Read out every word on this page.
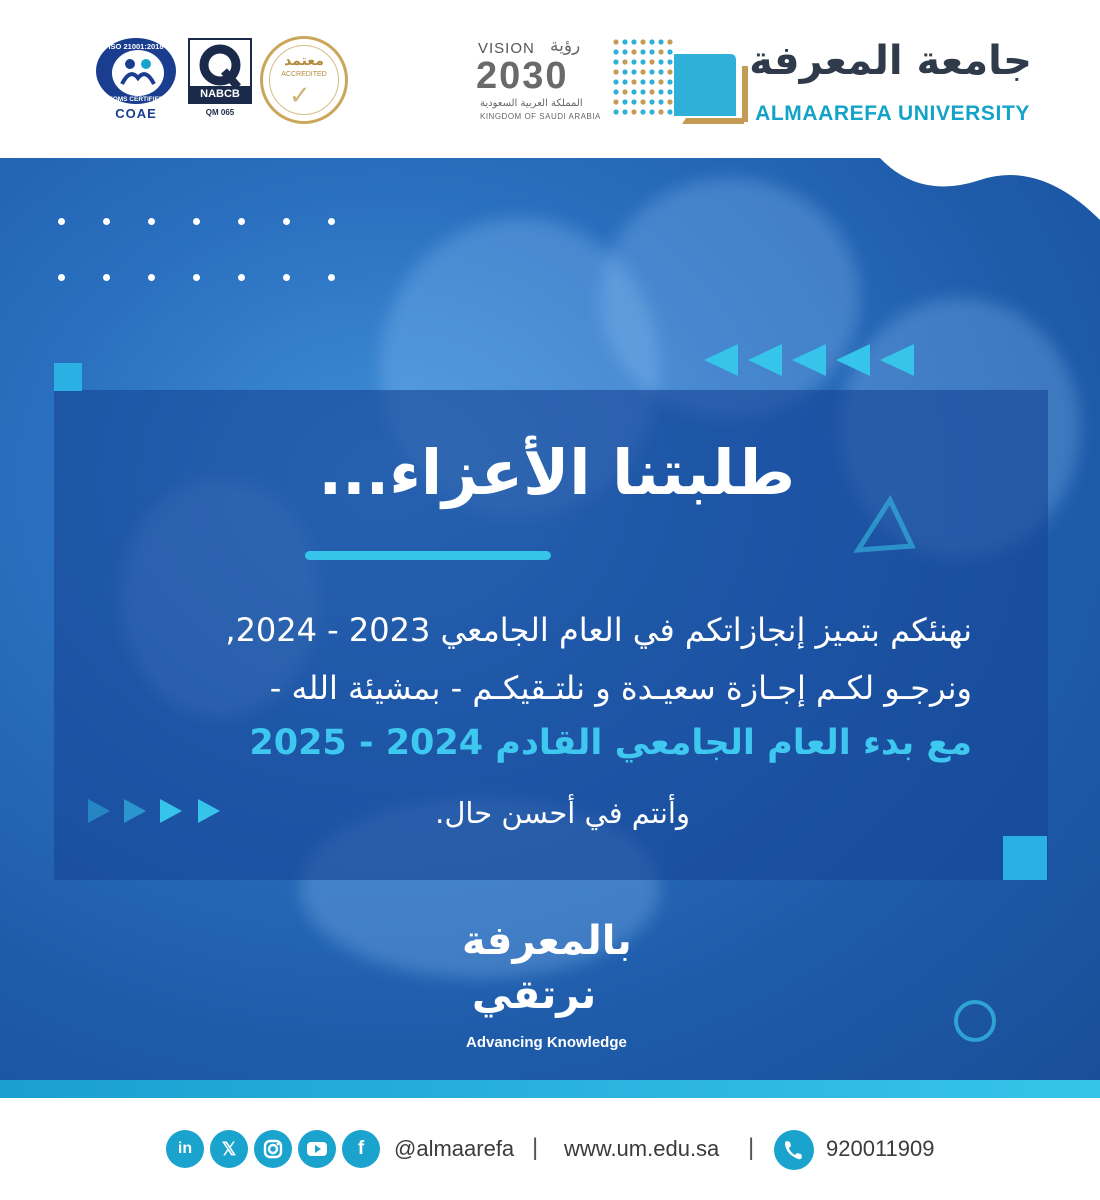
جامعة المعرفة
ALMAAREFA UNIVERSITY
VISION رؤية
2030
المملكة العربية السعودية
KINGDOM OF SAUDI ARABIA
معتمد
ACCREDITED
✓
NABCB
QM 065
ISO 21001:2018
EOMS CERTIFIED
COAE
طلبتنا الأعزاء...
نهنئكم بتميز إنجازاتكم في العام الجامعي 2023 - 2024,
ونرجـو لكـم إجـازة سعيـدة و نلتـقيكـم - بمشيئة الله -
مع بدء العام الجامعي القادم 2024 - 2025
وأنتم في أحسن حال.
بالمعرفة
نرتقي
Advancing Knowledge
in	𝕏	f	@almaarefa | www.um.edu.sa |	920011909
